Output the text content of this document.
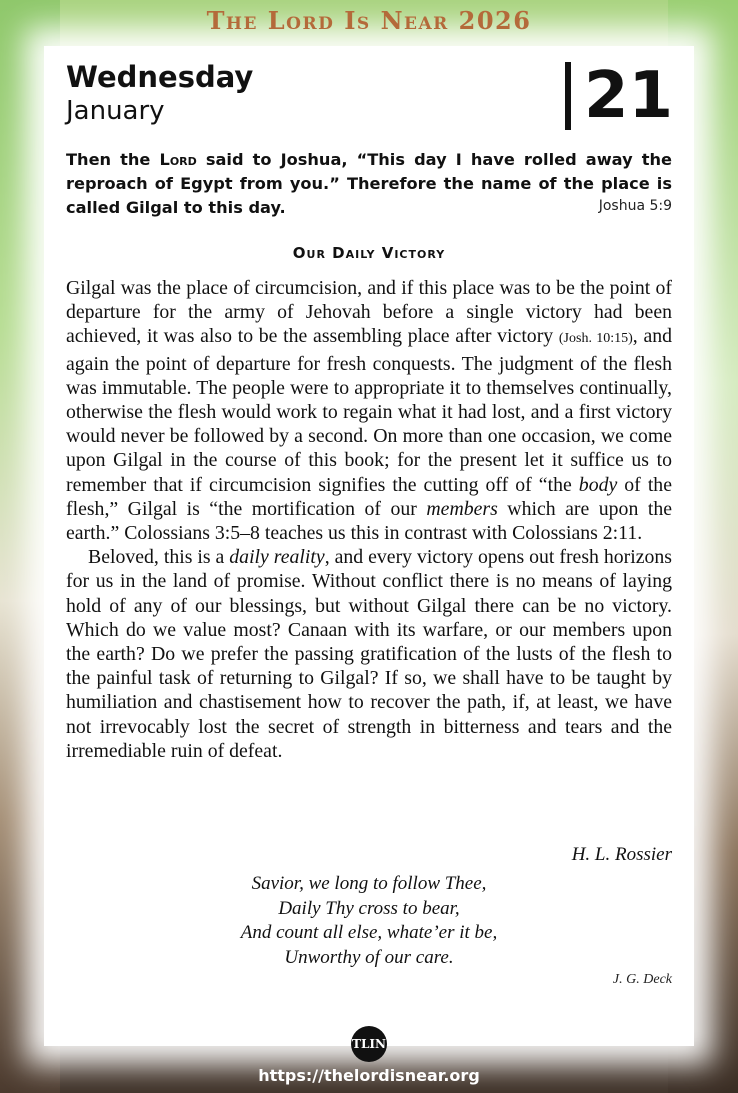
The Lord Is Near 2026
Wednesday
January	21
Then the Lord said to Joshua, “This day I have rolled away the reproach of Egypt from you.” Therefore the name of the place is called Gilgal to this day.	Joshua 5:9
Our Daily Victory

Gilgal was the place of circumcision, and if this place was to be the point of departure for the army of Jehovah before a single victory had been achieved, it was also to be the assembling place after victory (Josh. 10:15), and again the point of departure for fresh conquests. The judgment of the flesh was immutable. The people were to appropriate it to themselves continually, otherwise the flesh would work to regain what it had lost, and a first victory would never be followed by a second. On more than one occasion, we come upon Gilgal in the course of this book; for the present let it suffice us to remember that if circumcision signifies the cutting off of “the body of the flesh,” Gilgal is “the mortification of our members which are upon the earth.” Colossians 3:5–8 teaches us this in contrast with Colossians 2:11.

Beloved, this is a daily reality, and every victory opens out fresh horizons for us in the land of promise. Without conflict there is no means of laying hold of any of our blessings, but without Gilgal there can be no victory. Which do we value most? Canaan with its warfare, or our members upon the earth? Do we prefer the passing gratification of the lusts of the flesh to the painful task of returning to Gilgal? If so, we shall have to be taught by humiliation and chastisement how to recover the path, if, at least, we have not irrevocably lost the secret of strength in bitterness and tears and the irremediable ruin of defeat.

H. L. Rossier
Savior, we long to follow Thee,
Daily Thy cross to bear,
And count all else, whate’er it be,
Unworthy of our care.
J. G. Deck
TLIN
https://thelordisnear.org
